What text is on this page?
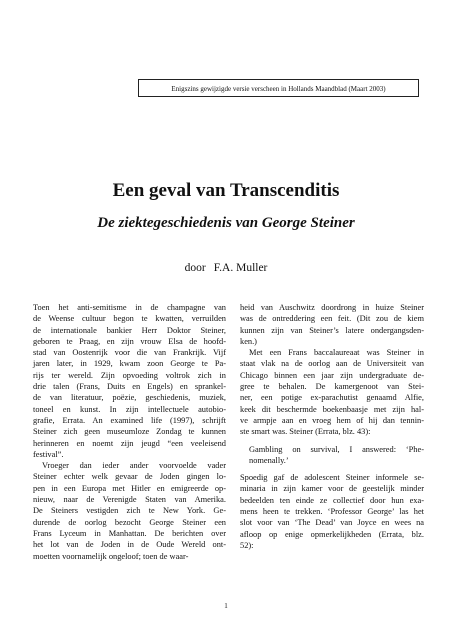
Enigszins gewijzigde versie verscheen in Hollands Maandblad (Maart 2003)
Een geval van Transcenditis
De ziektegeschiedenis van George Steiner
door F.A. Muller
Toen het anti-semitisme in de champagne van
de Weense cultuur begon te kwatten, verruilden
de internationale bankier Herr Doktor Steiner,
geboren te Praag, en zijn vrouw Elsa de hoofd-
stad van Oostenrijk voor die van Frankrijk. Vijf
jaren later, in 1929, kwam zoon George te Pa-
rijs ter wereld. Zijn opvoeding voltrok zich in
drie talen (Frans, Duits en Engels) en sprankel-
de van literatuur, poëzie, geschiedenis, muziek,
toneel en kunst. In zijn intellectuele autobio-
grafie, Errata. An examined life (1997), schrijft
Steiner zich geen museumloze Zondag te kunnen
herinneren en noemt zijn jeugd “een veeleisend
festival”.
Vroeger dan ieder ander voorvoelde vader
Steiner echter welk gevaar de Joden gingen lo-
pen in een Europa met Hitler en emigreerde op-
nieuw, naar de Verenigde Staten van Amerika.
De Steiners vestigden zich te New York. Ge-
durende de oorlog bezocht George Steiner een
Frans Lyceum in Manhattan. De berichten over
het lot van de Joden in de Oude Wereld ont-
moetten voornamelijk ongeloof; toen de waar-
heid van Auschwitz doordrong in huize Steiner
was de ontreddering een feit. (Dit zou de kiem
kunnen zijn van Steiner’s latere ondergangsden-
ken.)
Met een Frans baccalaureaat was Steiner in
staat vlak na de oorlog aan de Universiteit van
Chicago binnen een jaar zijn undergraduate de-
gree te behalen. De kamergenoot van Stei-
ner, een potige ex-parachutist genaamd Alfie,
keek dit beschermde boekenbaasje met zijn hal-
ve armpje aan en vroeg hem of hij dan tennin-
ste smart was. Steiner (Errata, blz. 43):
Gambling on survival, I answered: ‘Phe-
nomenally.’
Spoedig gaf de adolescent Steiner informele se-
minaria in zijn kamer voor de geestelijk minder
bedeelden ten einde ze collectief door hun exa-
mens heen te trekken. ‘Professor George’ las het
slot voor van ‘The Dead’ van Joyce en wees na
afloop op enige opmerkelijkheden (Errata, blz.
52):
1
